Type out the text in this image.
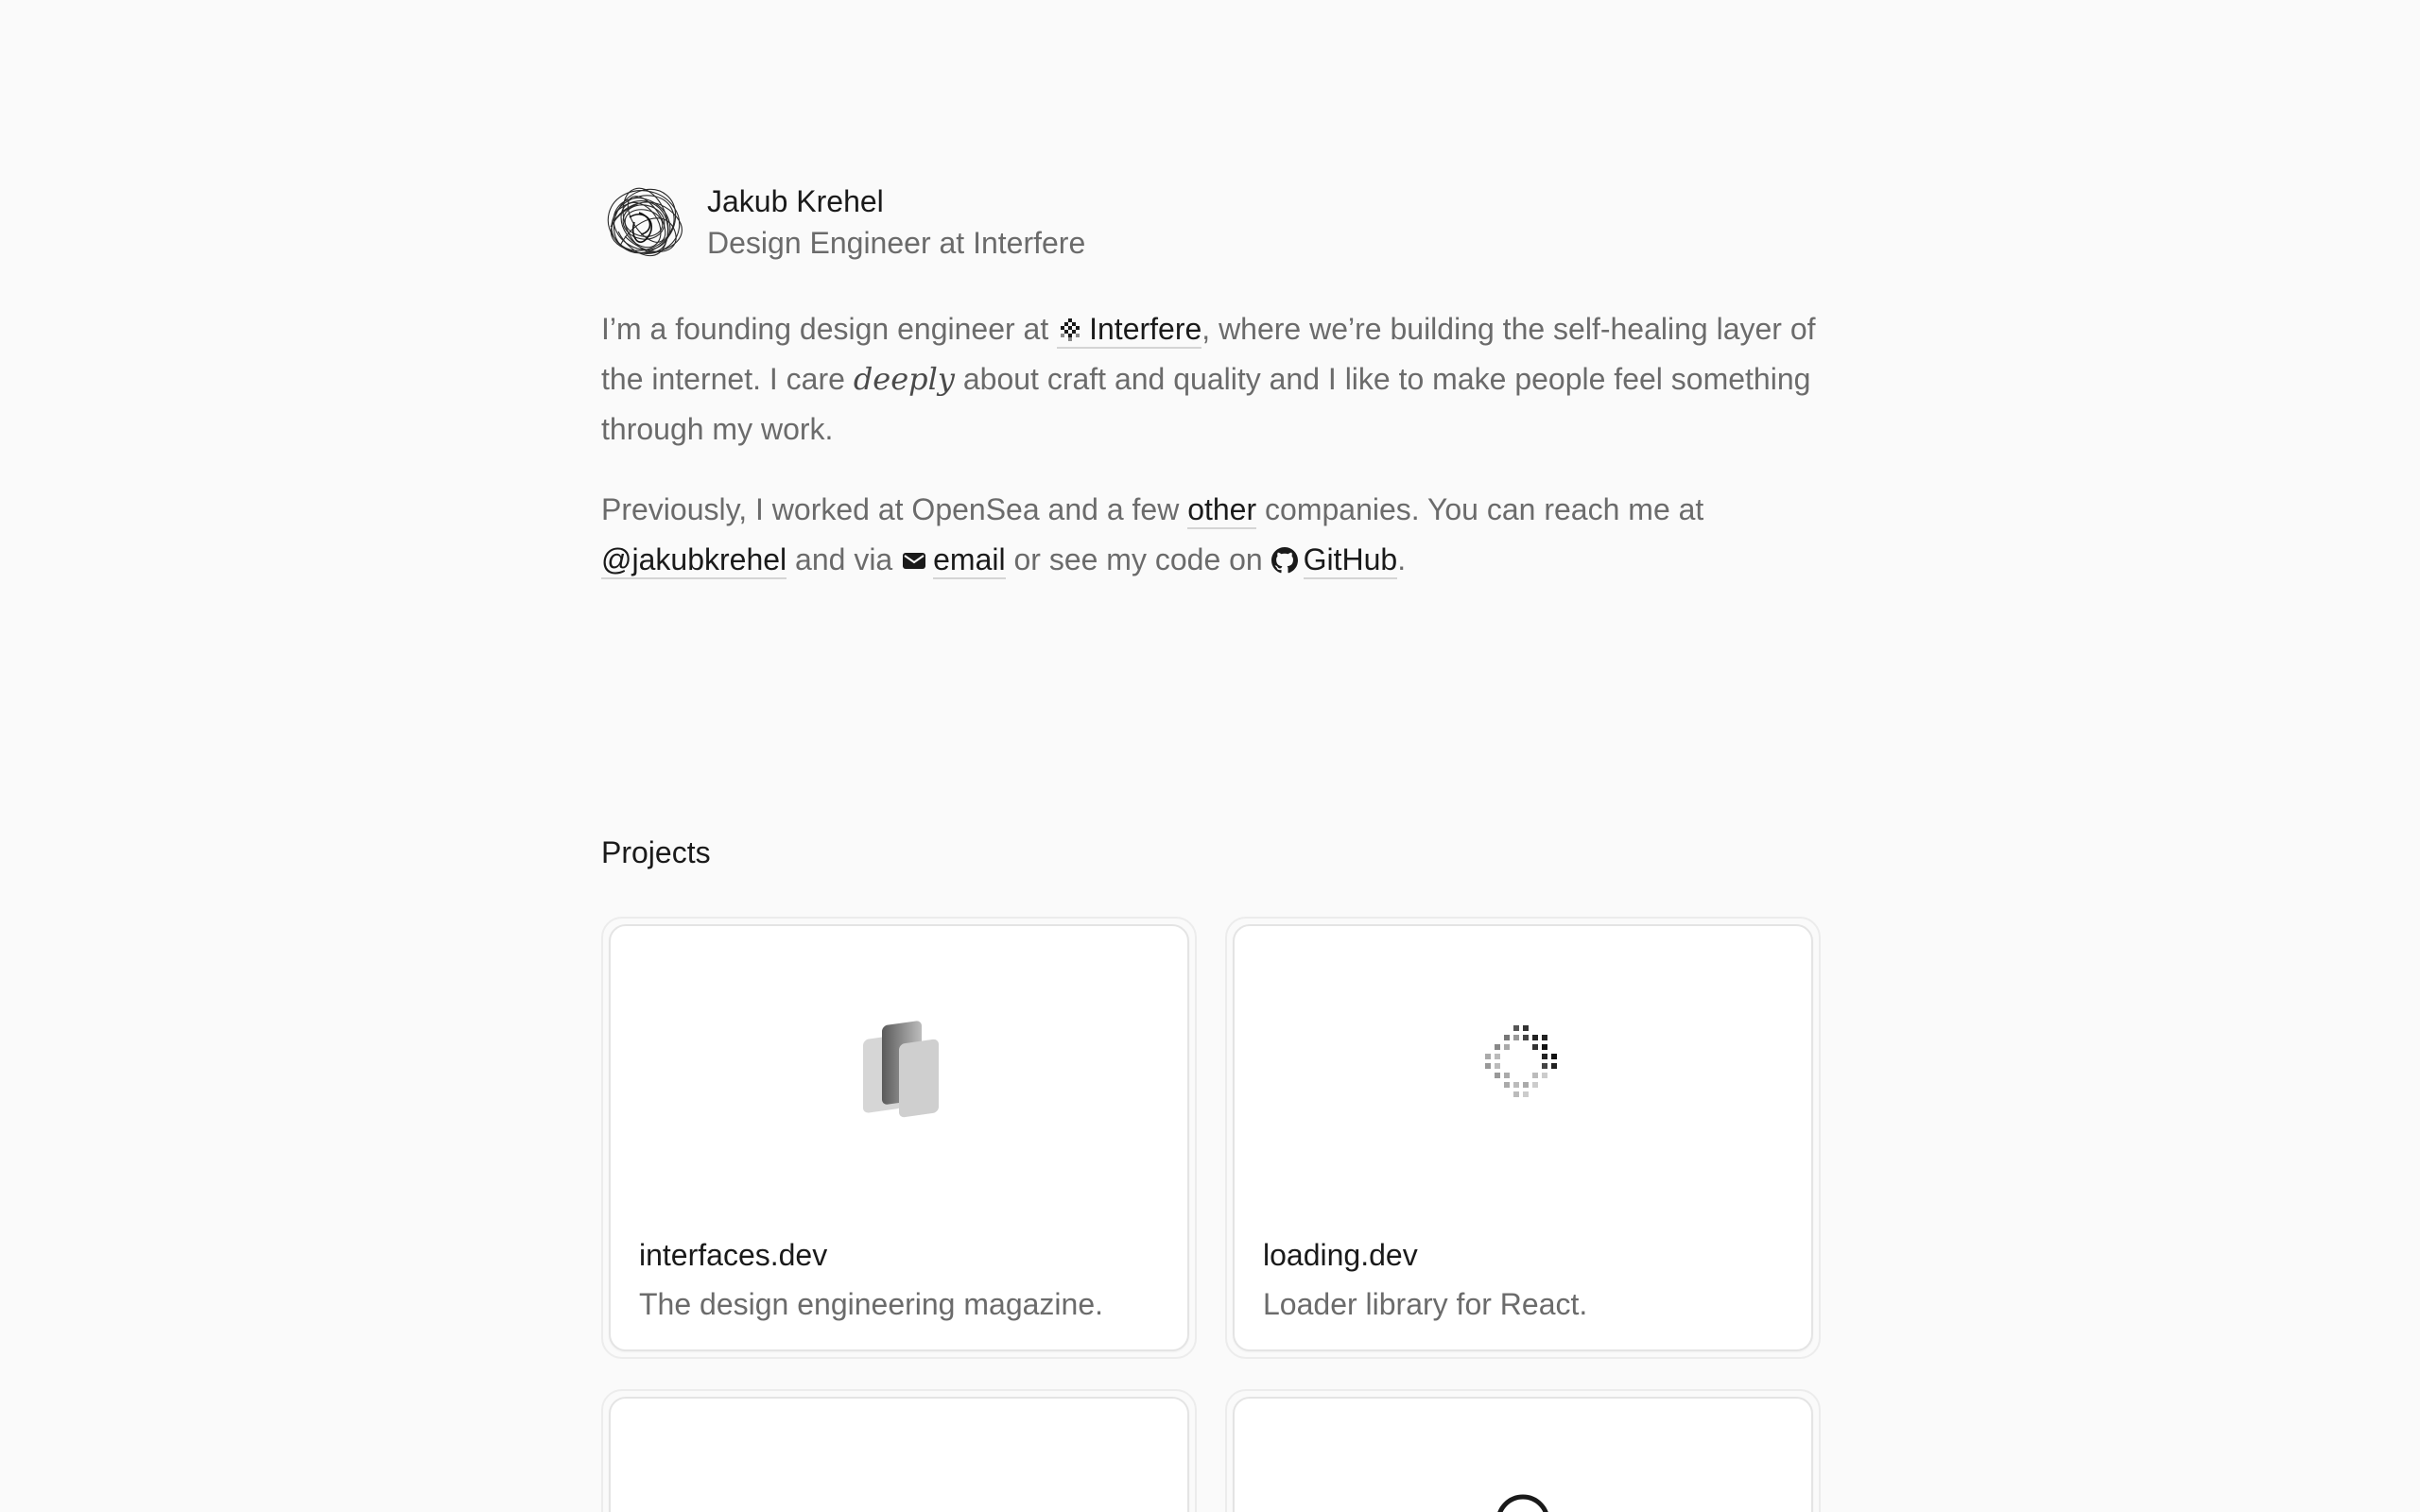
Jakub Krehel
Design Engineer at Interfere

I’m a founding design engineer at Interfere, where we’re building the self-healing layer of the internet. I care deeply about craft and quality and I like to make people feel something through my work.

Previously, I worked at OpenSea and a few other companies. You can reach me at @jakubkrehel and via email or see my code on GitHub.

Projects
interfaces.dev
The design engineering magazine.
loading.dev
Loader library for React.
